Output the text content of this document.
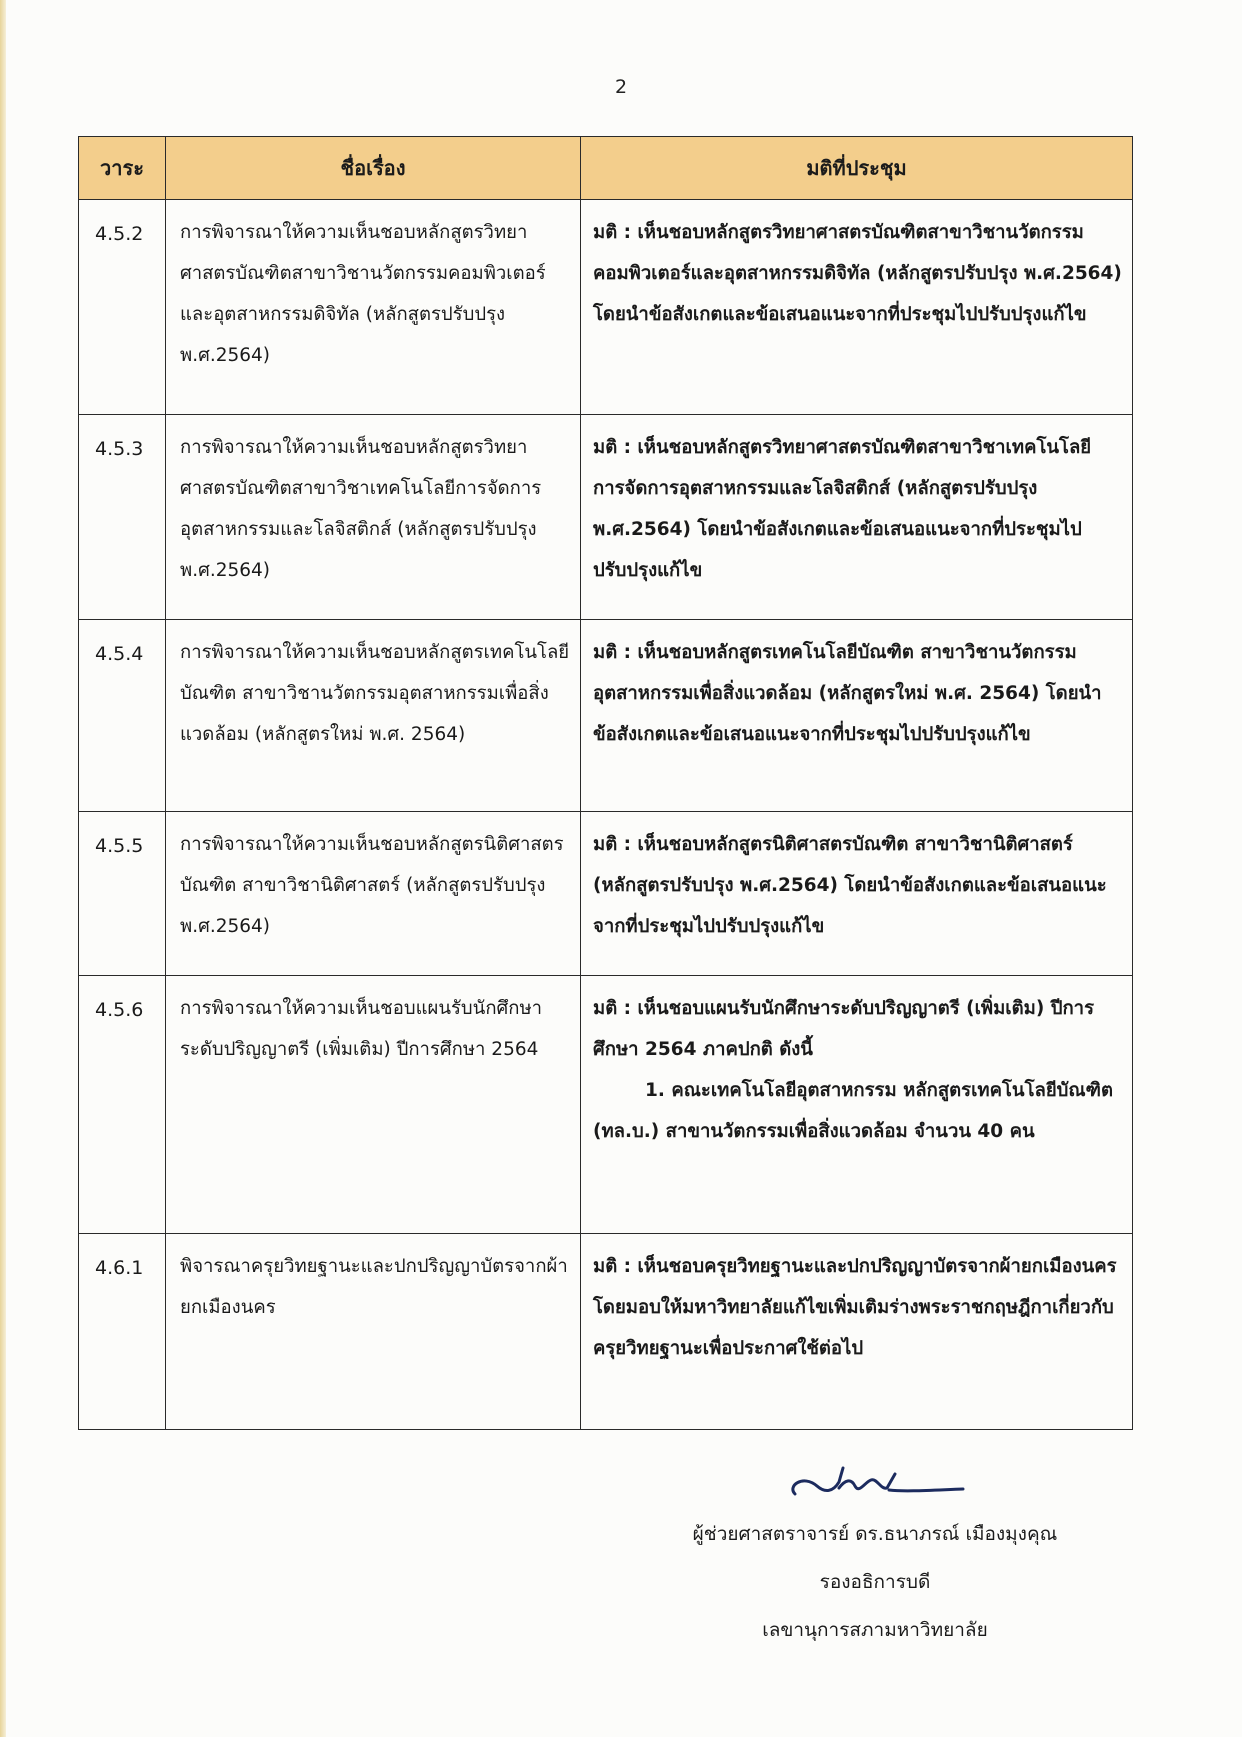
2
วาระ	ชื่อเรื่อง	มติที่ประชุม
4.5.2	การพิจารณาให้ความเห็นชอบหลักสูตรวิทยาศาสตรบัณฑิตสาขาวิชานวัตกรรมคอมพิวเตอร์และอุตสาหกรรมดิจิทัล (หลักสูตรปรับปรุง พ.ศ.2564)	มติ : เห็นชอบหลักสูตรวิทยาศาสตรบัณฑิตสาขาวิชานวัตกรรมคอมพิวเตอร์และอุตสาหกรรมดิจิทัล (หลักสูตรปรับปรุง พ.ศ.2564) โดยนำข้อสังเกตและข้อเสนอแนะจากที่ประชุมไปปรับปรุงแก้ไข
4.5.3	การพิจารณาให้ความเห็นชอบหลักสูตรวิทยาศาสตรบัณฑิตสาขาวิชาเทคโนโลยีการจัดการอุตสาหกรรมและโลจิสติกส์ (หลักสูตรปรับปรุง พ.ศ.2564)	มติ : เห็นชอบหลักสูตรวิทยาศาสตรบัณฑิตสาขาวิชาเทคโนโลยีการจัดการอุตสาหกรรมและโลจิสติกส์ (หลักสูตรปรับปรุง พ.ศ.2564) โดยนำข้อสังเกตและข้อเสนอแนะจากที่ประชุมไปปรับปรุงแก้ไข
4.5.4	การพิจารณาให้ความเห็นชอบหลักสูตรเทคโนโลยีบัณฑิต สาขาวิชานวัตกรรมอุตสาหกรรมเพื่อสิ่งแวดล้อม (หลักสูตรใหม่ พ.ศ. 2564)	มติ : เห็นชอบหลักสูตรเทคโนโลยีบัณฑิต สาขาวิชานวัตกรรมอุตสาหกรรมเพื่อสิ่งแวดล้อม (หลักสูตรใหม่ พ.ศ. 2564) โดยนำข้อสังเกตและข้อเสนอแนะจากที่ประชุมไปปรับปรุงแก้ไข
4.5.5	การพิจารณาให้ความเห็นชอบหลักสูตรนิติศาสตรบัณฑิต สาขาวิชานิติศาสตร์ (หลักสูตรปรับปรุง พ.ศ.2564)	มติ : เห็นชอบหลักสูตรนิติศาสตรบัณฑิต สาขาวิชานิติศาสตร์ (หลักสูตรปรับปรุง พ.ศ.2564) โดยนำข้อสังเกตและข้อเสนอแนะจากที่ประชุมไปปรับปรุงแก้ไข
4.5.6	การพิจารณาให้ความเห็นชอบแผนรับนักศึกษาระดับปริญญาตรี (เพิ่มเติม) ปีการศึกษา 2564	มติ : เห็นชอบแผนรับนักศึกษาระดับปริญญาตรี (เพิ่มเติม) ปีการศึกษา 2564 ภาคปกติ ดังนี้
1. คณะเทคโนโลยีอุตสาหกรรม หลักสูตรเทคโนโลยีบัณฑิต (ทล.บ.) สาขานวัตกรรมเพื่อสิ่งแวดล้อม จำนวน 40 คน

4.6.1	พิจารณาครุยวิทยฐานะและปกปริญญาบัตรจากผ้ายกเมืองนคร	มติ : เห็นชอบครุยวิทยฐานะและปกปริญญาบัตรจากผ้ายกเมืองนคร โดยมอบให้มหาวิทยาลัยแก้ไขเพิ่มเติมร่างพระราชกฤษฎีกาเกี่ยวกับครุยวิทยฐานะเพื่อประกาศใช้ต่อไป
ผู้ช่วยศาสตราจารย์ ดร.ธนาภรณ์ เมืองมุงคุณ
รองอธิการบดี
เลขานุการสภามหาวิทยาลัย
